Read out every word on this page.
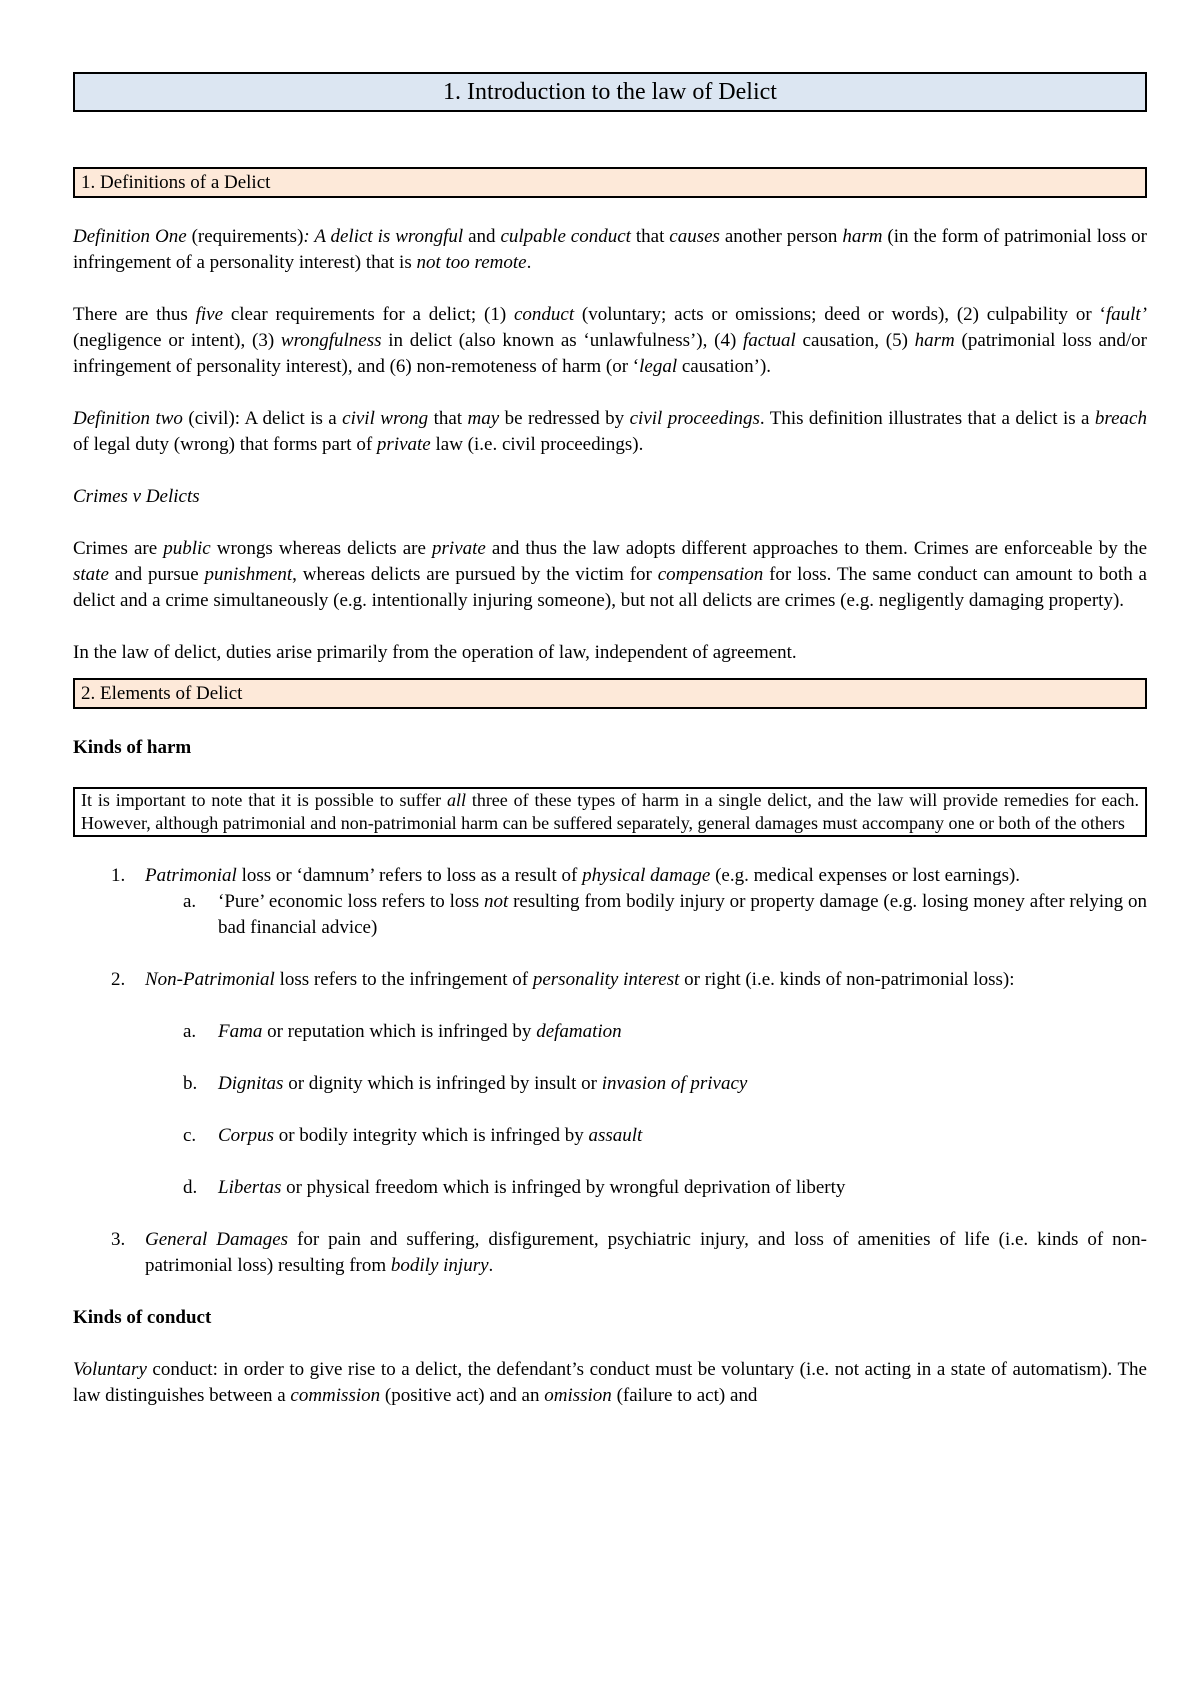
1. Introduction to the law of Delict
1. Definitions of a Delict

Definition One (requirements): A delict is wrongful and culpable conduct that causes another person harm (in the form of patrimonial loss or infringement of a personality interest) that is not too remote.

There are thus five clear requirements for a delict; (1) conduct (voluntary; acts or omissions; deed or words), (2) culpability or ‘fault’ (negligence or intent), (3) wrongfulness in delict (also known as ‘unlawfulness’), (4) factual causation, (5) harm (patrimonial loss and/or infringement of personality interest), and (6) non-remoteness of harm (or ‘legal causation’).

Definition two (civil): A delict is a civil wrong that may be redressed by civil proceedings. This definition illustrates that a delict is a breach of legal duty (wrong) that forms part of private law (i.e. civil proceedings).

Crimes v Delicts

Crimes are public wrongs whereas delicts are private and thus the law adopts different approaches to them. Crimes are enforceable by the state and pursue punishment, whereas delicts are pursued by the victim for compensation for loss. The same conduct can amount to both a delict and a crime simultaneously (e.g. intentionally injuring someone), but not all delicts are crimes (e.g. negligently damaging property).

In the law of delict, duties arise primarily from the operation of law, independent of agreement.

2. Elements of Delict

Kinds of harm

It is important to note that it is possible to suffer all three of these types of harm in a single delict, and the law will provide remedies for each. However, although patrimonial and non-patrimonial harm can be suffered separately, general damages must accompany one or both of the others
1. Patrimonial loss or ‘damnum’ refers to loss as a result of physical damage (e.g. medical expenses or lost earnings).
a. ‘Pure’ economic loss refers to loss not resulting from bodily injury or property damage (e.g. losing money after relying on bad financial advice)
2. Non-Patrimonial loss refers to the infringement of personality interest or right (i.e. kinds of non-patrimonial loss):
a. Fama or reputation which is infringed by defamation
b. Dignitas or dignity which is infringed by insult or invasion of privacy
c. Corpus or bodily integrity which is infringed by assault
d. Libertas or physical freedom which is infringed by wrongful deprivation of liberty
3. General Damages for pain and suffering, disfigurement, psychiatric injury, and loss of amenities of life (i.e. kinds of non-patrimonial loss) resulting from bodily injury.

Kinds of conduct

Voluntary conduct: in order to give rise to a delict, the defendant’s conduct must be voluntary (i.e. not acting in a state of automatism). The law distinguishes between a commission (positive act) and an omission (failure to act) and
